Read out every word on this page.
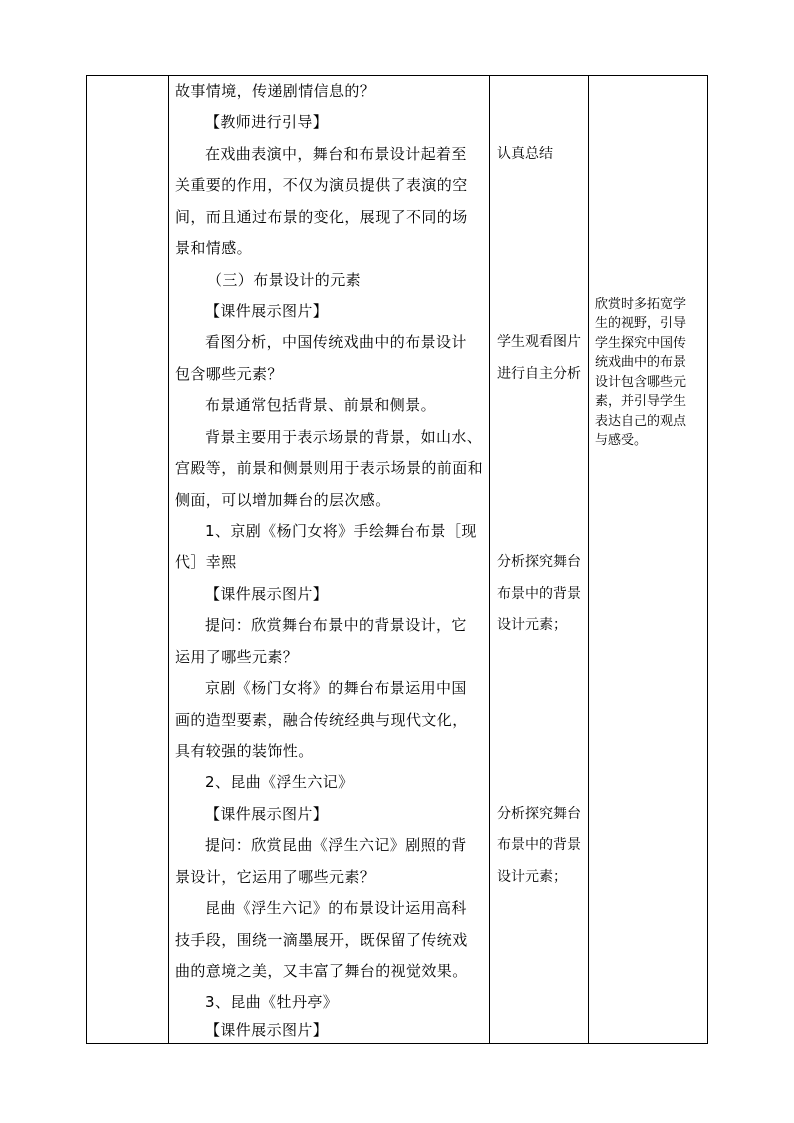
故事情境，传递剧情信息的？
【教师进行引导】
在戏曲表演中，舞台和布景设计起着至
关重要的作用，不仅为演员提供了表演的空
间，而且通过布景的变化，展现了不同的场
景和情感。
（三）布景设计的元素
【课件展示图片】
看图分析，中国传统戏曲中的布景设计
包含哪些元素？
布景通常包括背景、前景和侧景。
背景主要用于表示场景的背景，如山水、
宫殿等，前景和侧景则用于表示场景的前面和
侧面，可以增加舞台的层次感。
1、京剧《杨门女将》手绘舞台布景［现
代］幸熙
【课件展示图片】
提问：欣赏舞台布景中的背景设计，它
运用了哪些元素？
京剧《杨门女将》的舞台布景运用中国
画的造型要素，融合传统经典与现代文化，
具有较强的装饰性。
2、昆曲《浮生六记》
【课件展示图片】
提问：欣赏昆曲《浮生六记》剧照的背
景设计，它运用了哪些元素？
昆曲《浮生六记》的布景设计运用高科
技手段，围绕一滴墨展开，既保留了传统戏
曲的意境之美，又丰富了舞台的视觉效果。
3、昆曲《牡丹亭》
【课件展示图片】
认真总结
学生观看图片
进行自主分析
分析探究舞台
布景中的背景
设计元素；
分析探究舞台
布景中的背景
设计元素；
欣赏时多拓宽学
生的视野，引导
学生探究中国传
统戏曲中的布景
设计包含哪些元
素，并引导学生
表达自己的观点
与感受。
